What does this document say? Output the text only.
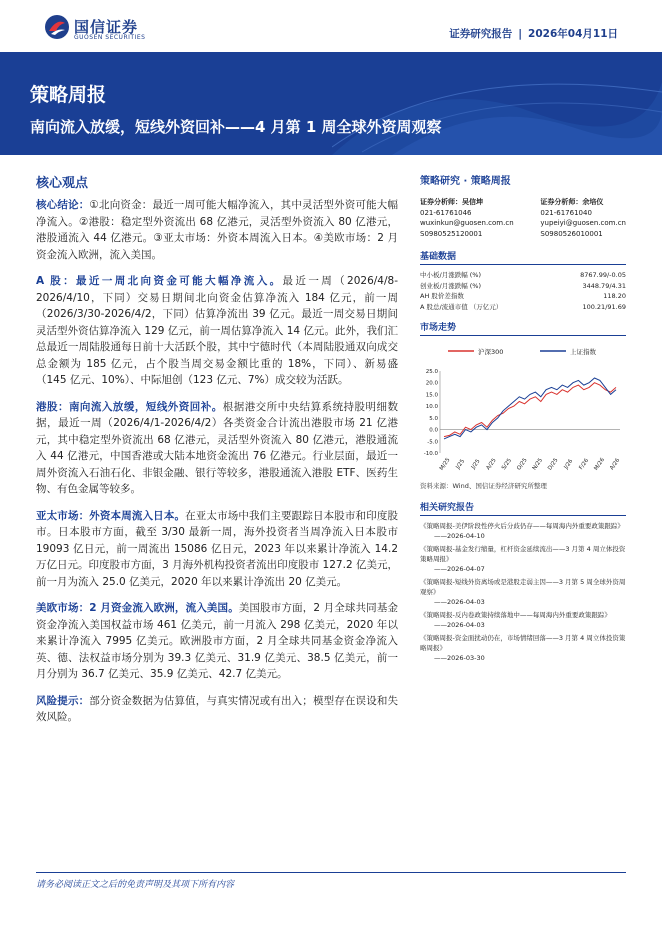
国信证券
GUOSEN SECURITIES	证券研究报告 | 2026年04月11日
策略周报
南向流入放缓，短线外资回补——4 月第 1 周全球外资周观察
核心观点

核心结论：①北向资金：最近一周可能大幅净流入，其中灵活型外资可能大幅净流入。②港股：稳定型外资流出 68 亿港元，灵活型外资流入 80 亿港元，港股通流入 44 亿港元。③亚太市场：外资本周流入日本。④美欧市场：2 月资金流入欧洲，流入美国。

A 股：最近一周北向资金可能大幅净流入。最近一周（2026/4/8-2026/4/10，下同）交易日期间北向资金估算净流入 184 亿元，前一周（2026/3/30-2026/4/2，下同）估算净流出 39 亿元。最近一周交易日期间灵活型外资估算净流入 129 亿元，前一周估算净流入 14 亿元。此外，我们汇总最近一周陆股通每日前十大活跃个股，其中宁德时代（本周陆股通双向成交总金额为 185 亿元，占个股当周交易金额比重的 18%，下同）、新易盛（145 亿元、10%）、中际旭创（123 亿元、7%）成交较为活跃。

港股：南向流入放缓，短线外资回补。根据港交所中央结算系统持股明细数据，最近一周（2026/4/1-2026/4/2）各类资金合计流出港股市场 21 亿港元，其中稳定型外资流出 68 亿港元，灵活型外资流入 80 亿港元，港股通流入 44 亿港元，中国香港或大陆本地资金流出 76 亿港元。行业层面，最近一周外资流入石油石化、非银金融、银行等较多，港股通流入港股 ETF、医药生物、有色金属等较多。

亚太市场：外资本周流入日本。在亚太市场中我们主要跟踪日本股市和印度股市。日本股市方面，截至 3/30 最新一周，海外投资者当周净流入日本股市 19093 亿日元，前一周流出 15086 亿日元，2023 年以来累计净流入 14.2 万亿日元。印度股市方面，3 月海外机构投资者流出印度股市 127.2 亿美元，前一月为流入 25.0 亿美元，2020 年以来累计净流出 20 亿美元。

美欧市场：2 月资金流入欧洲，流入美国。美国股市方面，2 月全球共同基金资金净流入美国权益市场 461 亿美元，前一月流入 298 亿美元，2020 年以来累计净流入 7995 亿美元。欧洲股市方面，2 月全球共同基金资金净流入英、德、法权益市场分别为 39.3 亿美元、31.9 亿美元、38.5 亿美元，前一月分别为 36.7 亿美元、35.9 亿美元、42.7 亿美元。

风险提示：部分资金数据为估算值，与真实情况或有出入；模型存在误设和失效风险。

策略研究 · 策略周报
证券分析师：吴信坤
021-61761046
wuxinkun@guosen.com.cn
S0980525120001
证券分析师：余培仪
021-61761040
yupeiyi@guosen.com.cn
S0980526010001
基础数据
中小板/月涨跌幅 (%)	8767.99/-0.05
创业板/月涨跌幅 (%)	3448.79/4.31
AH 股价差指数	118.20
A 股总/流通市值 （万亿元）	100.21/91.69
市场走势
沪深300	上证指数
25.0
20.0
15.0
10.0
5.0
0.0
-5.0
-10.0
M/25 J/25 J/25 A/25 S/25 O/25 N/25 D/25 J/26 F/26 M/26 A/26
资料来源：Wind、国信证券经济研究所整理
相关研究报告
《策略周报-美伊阶段性停火后分歧仍存——每周海内外重要政策跟踪》
——2026-04-10
《策略周报-基金发行缩量，杠杆资金延续流出——3 月第 4 周立体投资策略周报》
——2026-04-07
《策略周报-短线外资离场或是港股走弱主因——3 月第 5 周全球外资周观察》
——2026-04-03
《策略周报-反内卷政策持续落地中——每周海内外重要政策跟踪》
——2026-04-03
《策略周报-资金面扰动仍在，市场情绪回落——3 月第 4 周立体投资策略周报》
——2026-03-30
请务必阅读正文之后的免责声明及其项下所有内容
